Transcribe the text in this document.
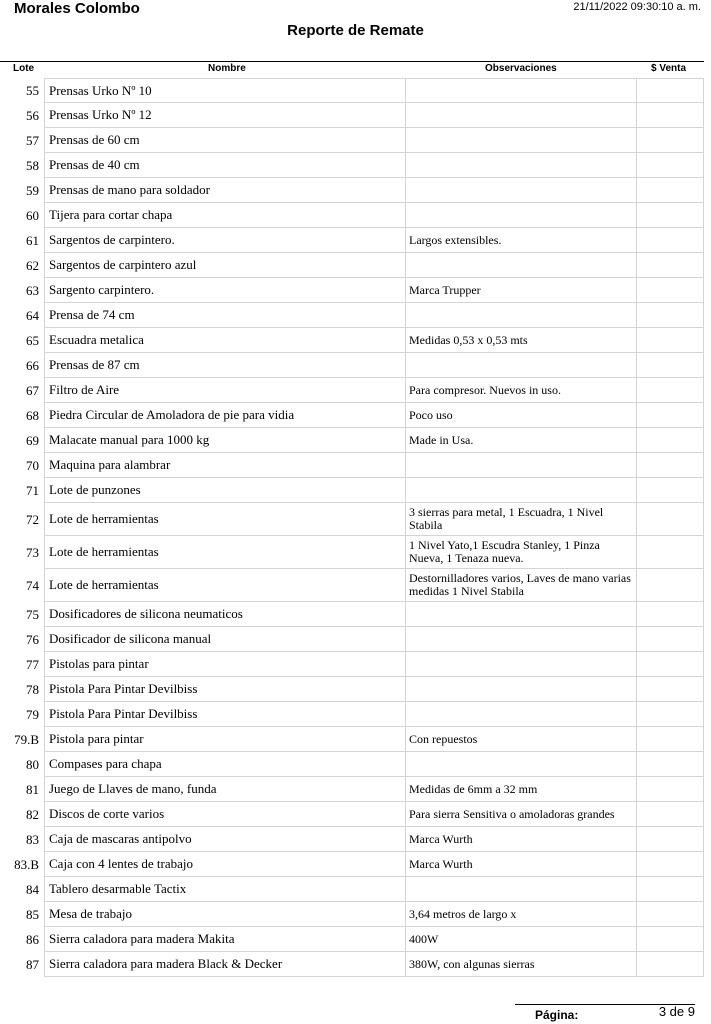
Morales Colombo	21/11/2022 09:30:10 a. m.
Reporte de Remate
Lote	Nombre	Observaciones	$ Venta
55 Prensas Urko Nº 10
56 Prensas Urko Nº 12
57 Prensas de 60 cm
58 Prensas de 40 cm
59 Prensas de mano para soldador
60 Tijera para cortar chapa
61 Sargentos de carpintero.	Largos extensibles.
62 Sargentos de carpintero azul
63 Sargento carpintero.	Marca Trupper
64 Prensa de 74 cm
65 Escuadra metalica	Medidas 0,53 x 0,53 mts
66 Prensas de 87 cm
67 Filtro de Aire	Para compresor. Nuevos in uso.
68 Piedra Circular de Amoladora de pie para vidia	Poco uso
69 Malacate manual para 1000 kg	Made in Usa.
70 Maquina para alambrar
71 Lote de punzones
72 Lote de herramientas	3 sierras para metal, 1 Escuadra, 1 Nivel Stabila
73 Lote de herramientas	1 Nivel Yato,1 Escudra Stanley, 1 Pinza Nueva, 1 Tenaza nueva.
74 Lote de herramientas	Destornilladores varios, Laves de mano varias medidas 1 Nivel Stabila
75 Dosificadores de silicona neumaticos
76 Dosificador de silicona manual
77 Pistolas para pintar
78 Pistola Para Pintar Devilbiss
79 Pistola Para Pintar Devilbiss
79.B Pistola para pintar	Con repuestos
80 Compases para chapa
81 Juego de Llaves de mano, funda	Medidas de 6mm a 32 mm
82 Discos de corte varios	Para sierra Sensitiva o amoladoras grandes
83 Caja de mascaras antipolvo	Marca Wurth
83.B Caja con 4 lentes de trabajo	Marca Wurth
84 Tablero desarmable Tactix
85 Mesa de trabajo	3,64 metros de largo x
86 Sierra caladora para madera Makita	400W
87 Sierra caladora para madera Black & Decker	380W, con algunas sierras
Página:	3 de 9
